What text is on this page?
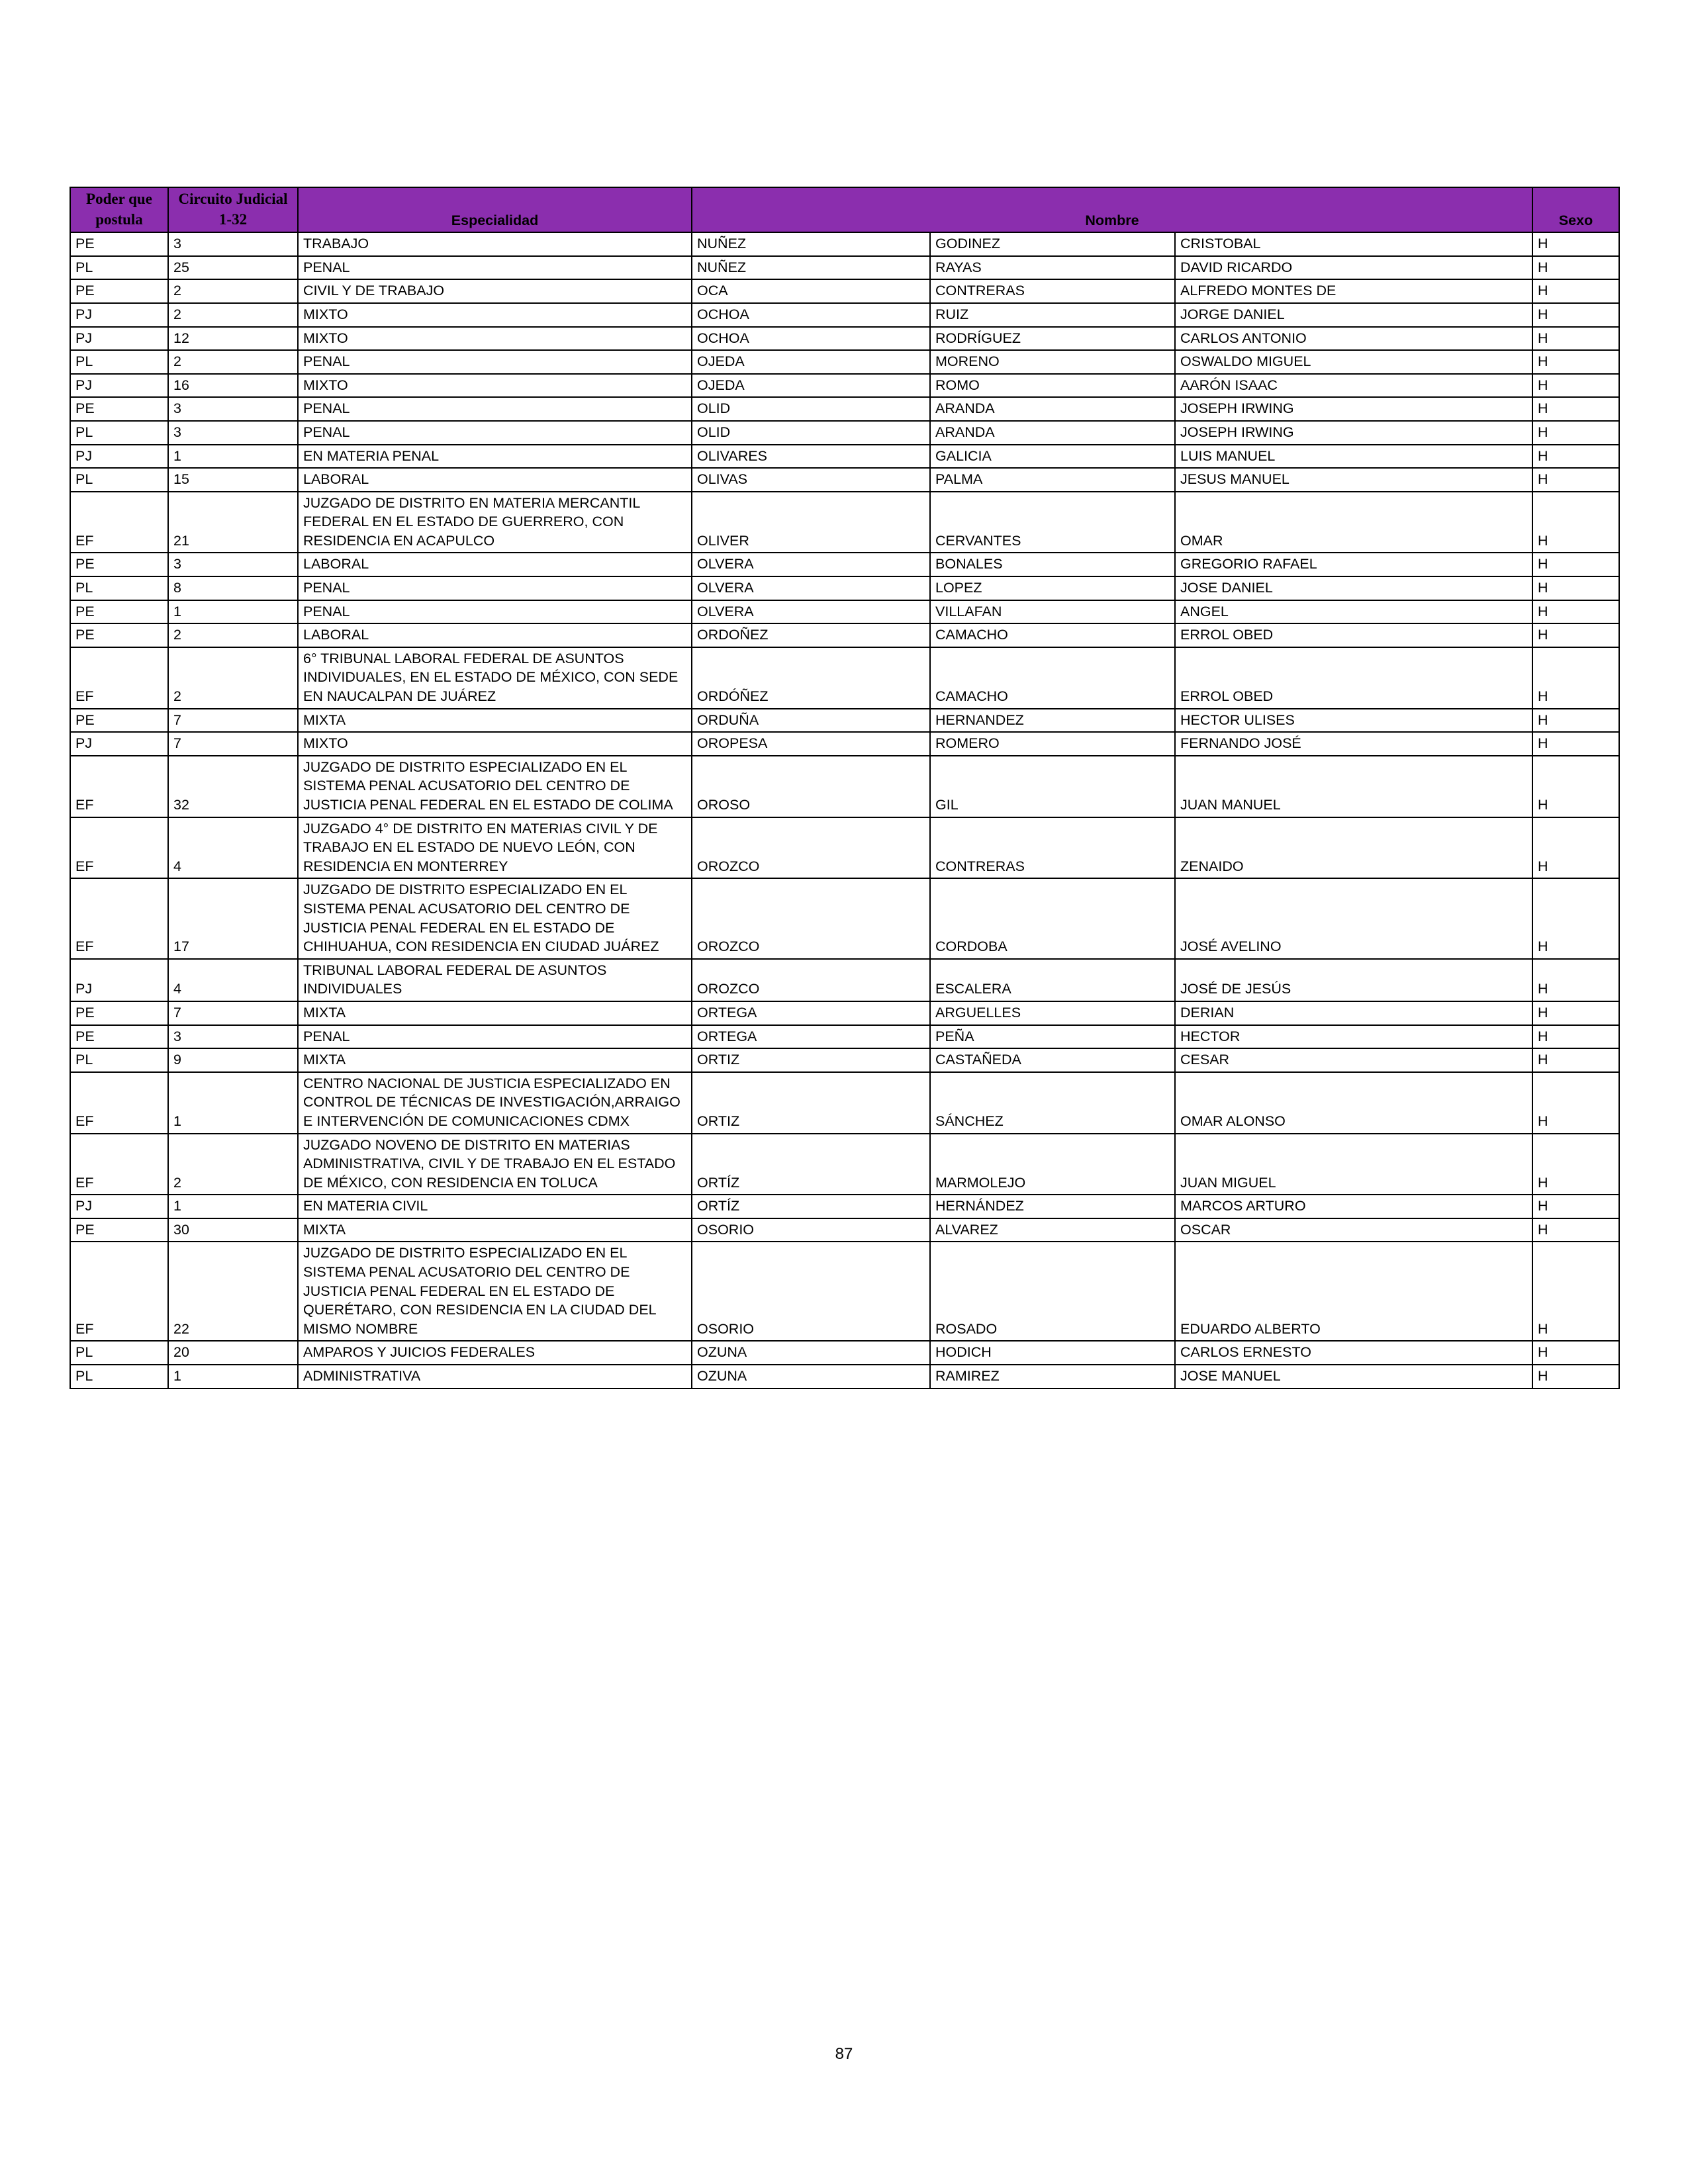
Poder que postula	Circuito Judicial 1-32	Especialidad	Nombre			Sexo
PE	3	TRABAJO	NUÑEZ	GODINEZ	CRISTOBAL	H
PL	25	PENAL	NUÑEZ	RAYAS	DAVID RICARDO	H
PE	2	CIVIL Y DE TRABAJO	OCA	CONTRERAS	ALFREDO MONTES DE	H
PJ	2	MIXTO	OCHOA	RUIZ	JORGE DANIEL	H
PJ	12	MIXTO	OCHOA	RODRÍGUEZ	CARLOS ANTONIO	H
PL	2	PENAL	OJEDA	MORENO	OSWALDO MIGUEL	H
PJ	16	MIXTO	OJEDA	ROMO	AARÓN ISAAC	H
PE	3	PENAL	OLID	ARANDA	JOSEPH IRWING	H
PL	3	PENAL	OLID	ARANDA	JOSEPH IRWING	H
PJ	1	EN MATERIA PENAL	OLIVARES	GALICIA	LUIS MANUEL	H
PL	15	LABORAL	OLIVAS	PALMA	JESUS MANUEL	H
EF	21	JUZGADO DE DISTRITO EN MATERIA MERCANTIL FEDERAL EN EL ESTADO DE GUERRERO, CON RESIDENCIA EN ACAPULCO	OLIVER	CERVANTES	OMAR	H
PE	3	LABORAL	OLVERA	BONALES	GREGORIO RAFAEL	H
PL	8	PENAL	OLVERA	LOPEZ	JOSE DANIEL	H
PE	1	PENAL	OLVERA	VILLAFAN	ANGEL	H
PE	2	LABORAL	ORDOÑEZ	CAMACHO	ERROL OBED	H
EF	2	6° TRIBUNAL LABORAL FEDERAL DE ASUNTOS INDIVIDUALES, EN EL ESTADO DE MÉXICO, CON SEDE EN NAUCALPAN DE JUÁREZ	ORDÓÑEZ	CAMACHO	ERROL OBED	H
PE	7	MIXTA	ORDUÑA	HERNANDEZ	HECTOR ULISES	H
PJ	7	MIXTO	OROPESA	ROMERO	FERNANDO JOSÉ	H
EF	32	JUZGADO DE DISTRITO ESPECIALIZADO EN EL SISTEMA PENAL ACUSATORIO DEL CENTRO DE JUSTICIA PENAL FEDERAL EN EL ESTADO DE COLIMA	OROSO	GIL	JUAN MANUEL	H
EF	4	JUZGADO 4° DE DISTRITO EN MATERIAS CIVIL Y DE TRABAJO EN EL ESTADO DE NUEVO LEÓN, CON RESIDENCIA EN MONTERREY	OROZCO	CONTRERAS	ZENAIDO	H
EF	17	JUZGADO DE DISTRITO ESPECIALIZADO EN EL SISTEMA PENAL ACUSATORIO DEL CENTRO DE JUSTICIA PENAL FEDERAL EN EL ESTADO DE CHIHUAHUA, CON RESIDENCIA EN CIUDAD JUÁREZ	OROZCO	CORDOBA	JOSÉ AVELINO	H
PJ	4	TRIBUNAL LABORAL FEDERAL DE ASUNTOS INDIVIDUALES	OROZCO	ESCALERA	JOSÉ DE JESÚS	H
PE	7	MIXTA	ORTEGA	ARGUELLES	DERIAN	H
PE	3	PENAL	ORTEGA	PEÑA	HECTOR	H
PL	9	MIXTA	ORTIZ	CASTAÑEDA	CESAR	H
EF	1	CENTRO NACIONAL DE JUSTICIA ESPECIALIZADO EN CONTROL DE TÉCNICAS DE INVESTIGACIÓN,ARRAIGO E INTERVENCIÓN DE COMUNICACIONES CDMX	ORTIZ	SÁNCHEZ	OMAR ALONSO	H
EF	2	JUZGADO NOVENO DE DISTRITO EN MATERIAS ADMINISTRATIVA, CIVIL Y DE TRABAJO EN EL ESTADO DE MÉXICO, CON RESIDENCIA EN TOLUCA	ORTÍZ	MARMOLEJO	JUAN MIGUEL	H
PJ	1	EN MATERIA CIVIL	ORTÍZ	HERNÁNDEZ	MARCOS ARTURO	H
PE	30	MIXTA	OSORIO	ALVAREZ	OSCAR	H
EF	22	JUZGADO DE DISTRITO ESPECIALIZADO EN EL SISTEMA PENAL ACUSATORIO DEL CENTRO DE JUSTICIA PENAL FEDERAL EN EL ESTADO DE QUERÉTARO, CON RESIDENCIA EN LA CIUDAD DEL MISMO NOMBRE	OSORIO	ROSADO	EDUARDO ALBERTO	H
PL	20	AMPAROS Y JUICIOS FEDERALES	OZUNA	HODICH	CARLOS ERNESTO	H
PL	1	ADMINISTRATIVA	OZUNA	RAMIREZ	JOSE MANUEL	H
87
